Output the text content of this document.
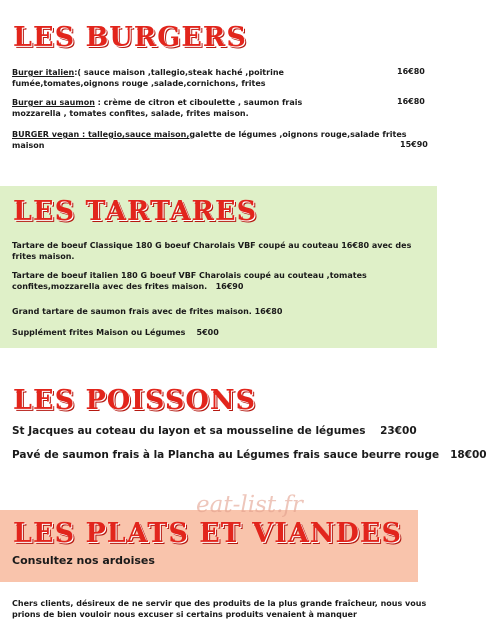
LES BURGERS
Burger italien:( sauce maison ,tallegio,steak haché ,poitrine fumée,tomates,oignons rouge ,salade,cornichons, frites
16€80
Burger au saumon : crème de citron et ciboulette , saumon frais mozzarella , tomates confites, salade, frites maison.
16€80
BURGER vegan : tallegio,sauce maison,galette de légumes ,oignons rouge,salade frites maison	15€90
LES TARTARES
Tartare de boeuf Classique 180 G boeuf Charolais VBF coupé au couteau 16€80 avec des frites maison.
Tartare de boeuf italien 180 G boeuf VBF Charolais coupé au couteau ,tomates confites,mozzarella avec des frites maison. 16€90
Grand tartare de saumon frais avec de frites maison. 16€80
Supplément frites Maison ou Légumes 5€00
LES POISSONS
St Jacques au coteau du layon et sa mousseline de légumes 23€00
Pavé de saumon frais à la Plancha au Légumes frais sauce beurre rouge 18€00
eat-list.fr
LES PLATS ET VIANDES
Consultez nos ardoises
Chers clients, désireux de ne servir que des produits de la plus grande fraîcheur, nous vous prions de bien vouloir nous excuser si certains produits venaient à manquer
